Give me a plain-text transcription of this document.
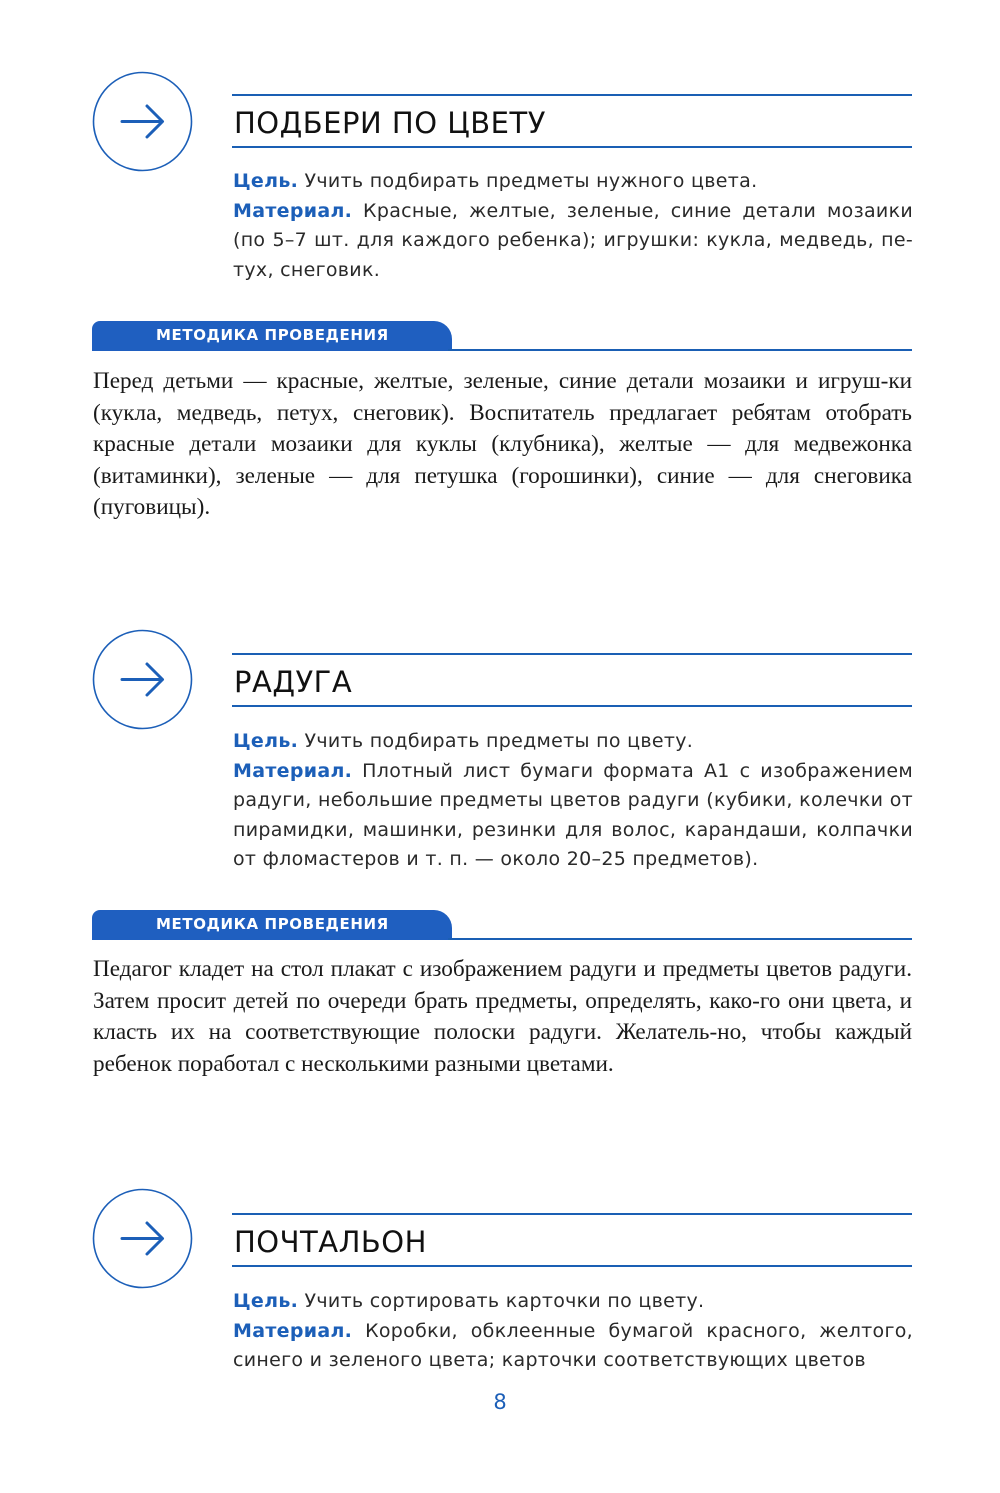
ПОДБЕРИ ПО ЦВЕТУ

Цель. Учить подбирать предметы нужного цвета.

Материал. Красные, желтые, зеленые, синие детали мозаики (по 5–7 шт. для каждого ребенка); игрушки: кукла, медведь, пе-тух, снеговик.

МЕТОДИКА ПРОВЕДЕНИЯ

Перед детьми — красные, желтые, зеленые, синие детали мозаики и игруш-ки (кукла, медведь, петух, снеговик). Воспитатель предлагает ребятам отобрать красные детали мозаики для куклы (клубника), желтые — для медвежонка (витаминки), зеленые — для петушка (горошинки), синие — для снеговика (пуговицы).

РАДУГА

Цель. Учить подбирать предметы по цвету.

Материал. Плотный лист бумаги формата А1 с изображением радуги, небольшие предметы цветов радуги (кубики, колечки от пирамидки, машинки, резинки для волос, карандаши, колпачки от фломастеров и т. п. — около 20–25 предметов).

МЕТОДИКА ПРОВЕДЕНИЯ

Педагог кладет на стол плакат с изображением радуги и предметы цветов радуги. Затем просит детей по очереди брать предметы, определять, како-го они цвета, и класть их на соответствующие полоски радуги. Желатель-но, чтобы каждый ребенок поработал с несколькими разными цветами.

ПОЧТАЛЬОН

Цель. Учить сортировать карточки по цвету.

Материал. Коробки, обклеенные бумагой красного, желтого, синего и зеленого цвета; карточки соответствующих цветов

8
